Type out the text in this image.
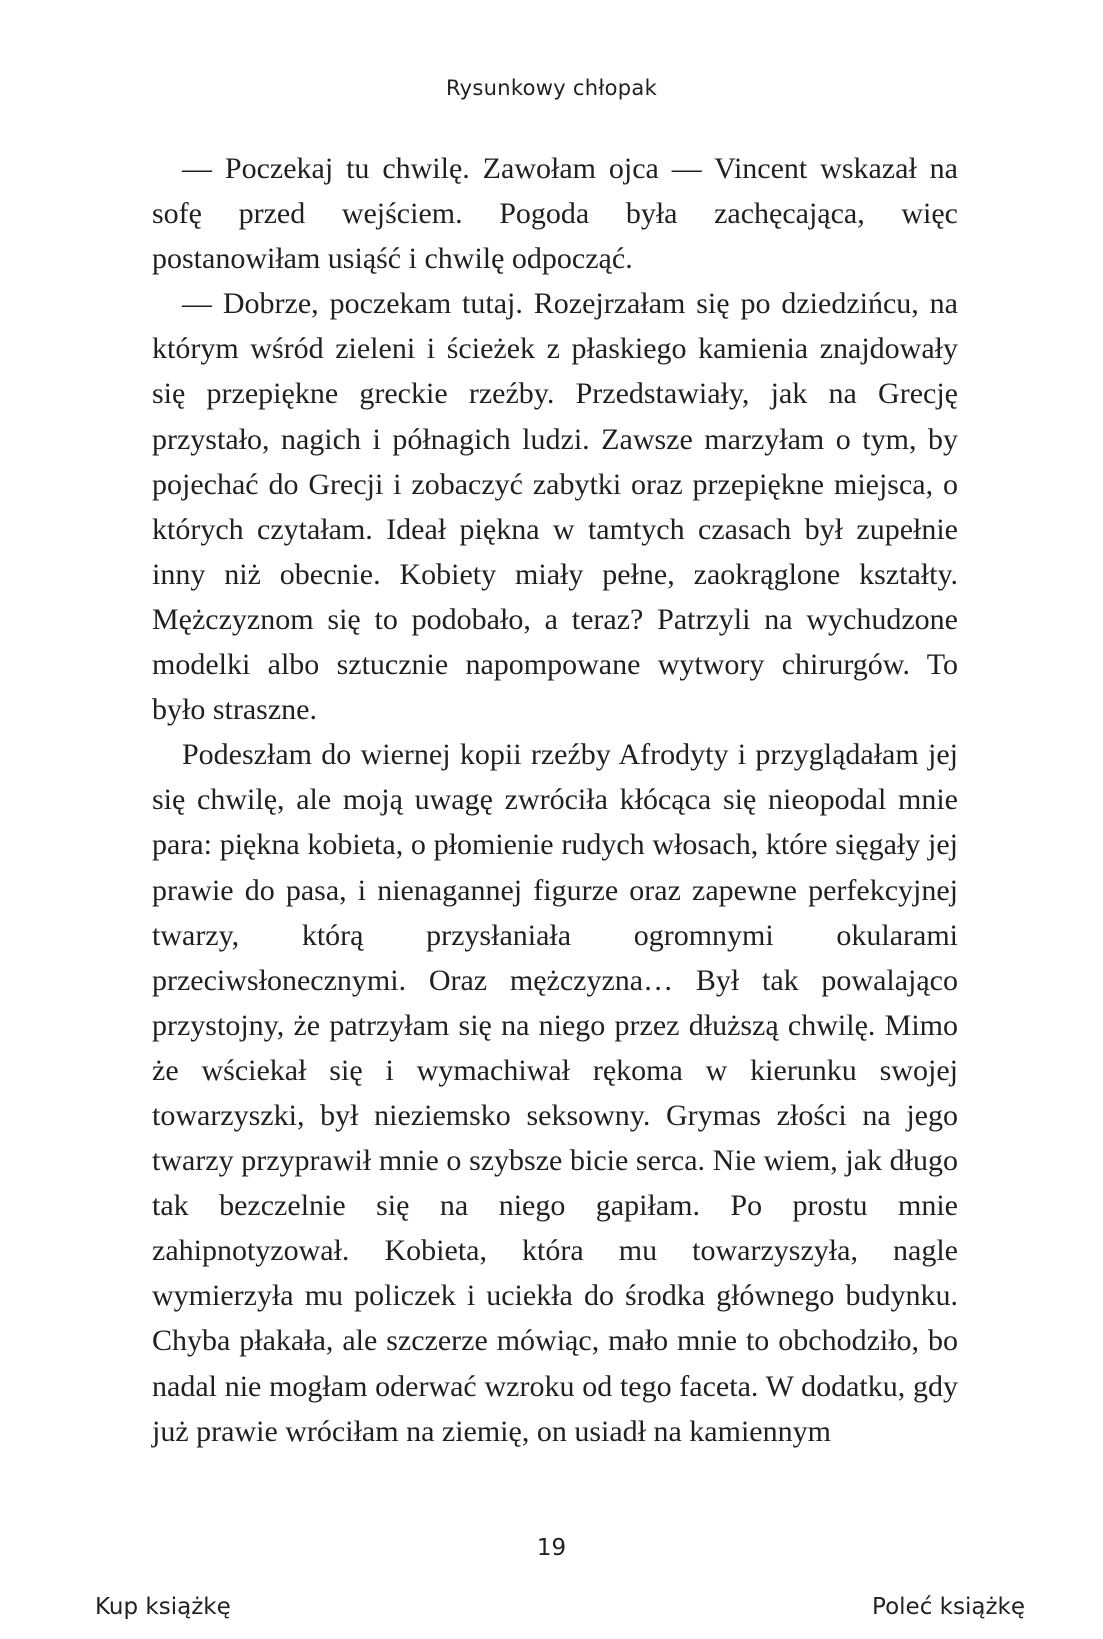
Rysunkowy chłopak

— Poczekaj tu chwilę. Zawołam ojca — Vincent wskazał na sofę przed wejściem. Pogoda była zachęcająca, więc postanowiłam usiąść i chwilę odpocząć.

— Dobrze, poczekam tutaj. Rozejrzałam się po dziedzińcu, na którym wśród zieleni i ścieżek z płaskiego kamienia znajdowały się przepiękne greckie rzeźby. Przedstawiały, jak na Grecję przystało, nagich i półnagich ludzi. Zawsze marzyłam o tym, by pojechać do Grecji i zobaczyć zabytki oraz przepiękne miejsca, o których czytałam. Ideał piękna w tamtych czasach był zupełnie inny niż obecnie. Kobiety miały pełne, zaokrąglone kształty. Mężczyznom się to podobało, a teraz? Patrzyli na wychudzone modelki albo sztucznie napompowane wytwory chirurgów. To było straszne.

Podeszłam do wiernej kopii rzeźby Afrodyty i przyglądałam jej się chwilę, ale moją uwagę zwróciła kłócąca się nieopodal mnie para: piękna kobieta, o płomienie rudych włosach, które sięgały jej prawie do pasa, i nienagannej figurze oraz zapewne perfekcyjnej twarzy, którą przysłaniała ogromnymi okularami przeciwsłonecznymi. Oraz mężczyzna… Był tak powalająco przystojny, że patrzyłam się na niego przez dłuższą chwilę. Mimo że wściekał się i wymachiwał rękoma w kierunku swojej towarzyszki, był nieziemsko seksowny. Grymas złości na jego twarzy przyprawił mnie o szybsze bicie serca. Nie wiem, jak długo tak bezczelnie się na niego gapiłam. Po prostu mnie zahipnotyzował. Kobieta, która mu towarzyszyła, nagle wymierzyła mu policzek i uciekła do środka głównego budynku. Chyba płakała, ale szczerze mówiąc, mało mnie to obchodziło, bo nadal nie mogłam oderwać wzroku od tego faceta. W dodatku, gdy już prawie wróciłam na ziemię, on usiadł na kamiennym

19
Kup książkę	Poleć książkę
